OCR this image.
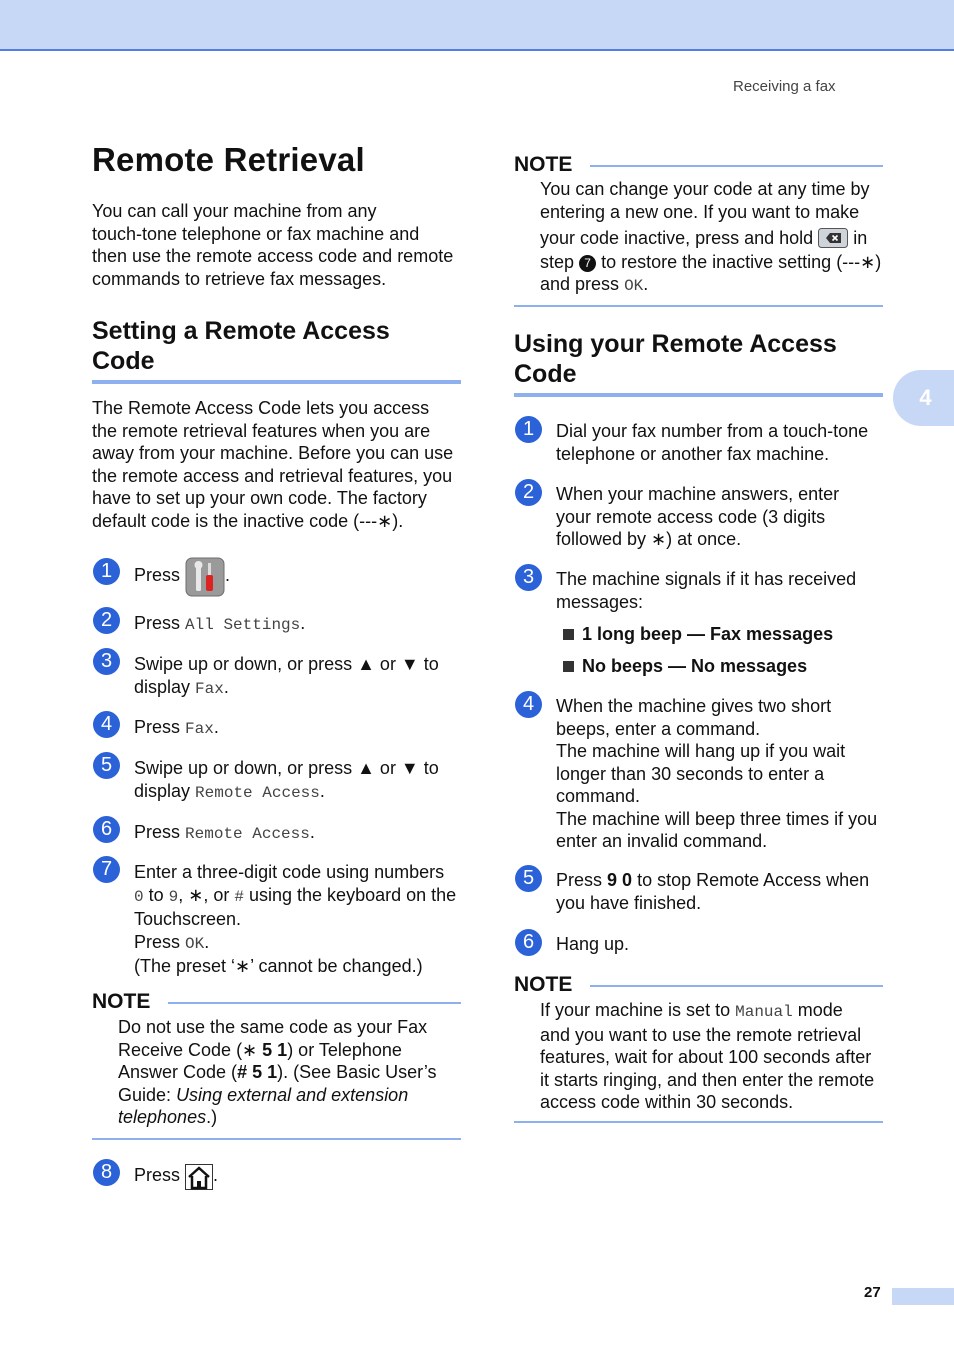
Receiving a fax
4
27
Remote Retrieval
You can call your machine from any
touch-tone telephone or fax machine and
then use the remote access code and remote
commands to retrieve fax messages.
Setting a Remote Access
Code
The Remote Access Code lets you access
the remote retrieval features when you are
away from your machine. Before you can use
the remote access and retrieval features, you
have to set up your own code. The factory
default code is the inactive code (---∗).
1	Press	.
2	Press All Settings.
3	Swipe up or down, or press ▲ or ▼ to
display Fax.
4	Press Fax.
5	Swipe up or down, or press ▲ or ▼ to
display Remote Access.
6	Press Remote Access.
7	Enter a three-digit code using numbers
0 to 9, ∗, or # using the keyboard on the
Touchscreen.
Press OK.
(The preset ‘∗’ cannot be changed.)
NOTE
Do not use the same code as your Fax
Receive Code (∗ 5 1) or Telephone
Answer Code (# 5 1). (See Basic User’s
Guide: Using external and extension
telephones.)
8	Press .
NOTE
You can change your code at any time by
entering a new one. If you want to make
your code inactive, press and hold in
step 7 to restore the inactive setting (---∗)
and press OK.
Using your Remote Access
Code
1	Dial your fax number from a touch-tone
telephone or another fax machine.
2	When your machine answers, enter
your remote access code (3 digits
followed by ∗) at once.
3	The machine signals if it has received
messages:
1 long beep — Fax messages
No beeps — No messages
4	When the machine gives two short
beeps, enter a command.
The machine will hang up if you wait
longer than 30 seconds to enter a
command.
The machine will beep three times if you
enter an invalid command.
5	Press 9 0 to stop Remote Access when
you have finished.
6	Hang up.
NOTE
If your machine is set to Manual mode
and you want to use the remote retrieval
features, wait for about 100 seconds after
it starts ringing, and then enter the remote
access code within 30 seconds.
